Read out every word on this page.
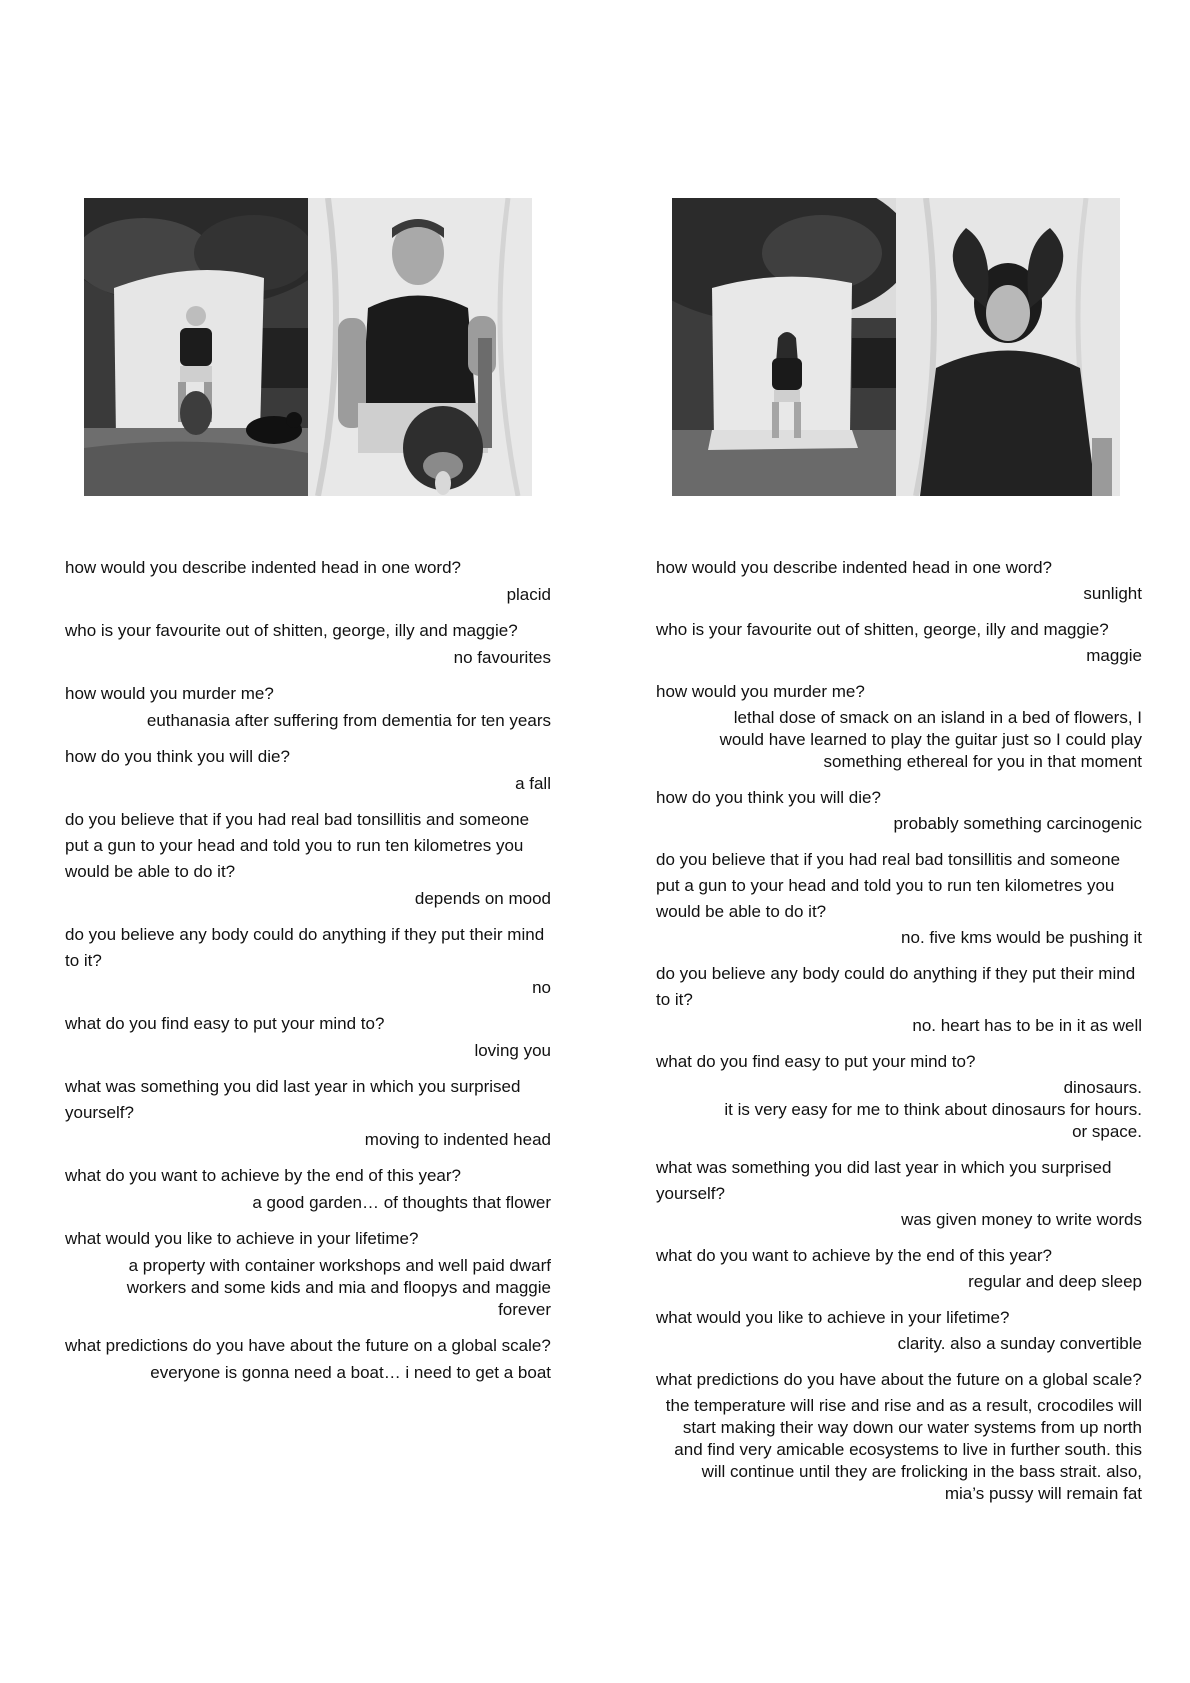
how would you describe indented head in one word?

placid

who is your favourite out of shitten, george, illy and maggie?

no favourites

how would you murder me?

euthanasia after suffering from dementia for ten years

how do you think you will die?

a fall

do you believe that if you had real bad tonsillitis and someone put a gun to your head and told you to run ten kilometres you would be able to do it?

depends on mood

do you believe any body could do anything if they put their mind to it?

no

what do you find easy to put your mind to?

loving you

what was something you did last year in which you surprised yourself?

moving to indented head

what do you want to achieve by the end of this year?

a good garden… of thoughts that flower

what would you like to achieve in your lifetime?

a property with container workshops and well paid dwarf workers and some kids and mia and floopys and maggie forever

what predictions do you have about the future on a global scale?

everyone is gonna need a boat… i need to get a boat

how would you describe indented head in one word?

sunlight

who is your favourite out of shitten, george, illy and maggie?

maggie

how would you murder me?

lethal dose of smack on an island in a bed of flowers, I would have learned to play the guitar just so I could play something ethereal for you in that moment

how do you think you will die?

probably something carcinogenic

do you believe that if you had real bad tonsillitis and someone put a gun to your head and told you to run ten kilometres you would be able to do it?

no. five kms would be pushing it

do you believe any body could do anything if they put their mind to it?

no. heart has to be in it as well

what do you find easy to put your mind to?

dinosaurs.
it is very easy for me to think about dinosaurs for hours.
or space.

what was something you did last year in which you surprised yourself?

was given money to write words

what do you want to achieve by the end of this year?

regular and deep sleep

what would you like to achieve in your lifetime?

clarity. also a sunday convertible

what predictions do you have about the future on a global scale?

the temperature will rise and rise and as a result, crocodiles will start making their way down our water systems from up north and find very amicable ecosystems to live in further south. this will continue until they are frolicking in the bass strait. also, mia’s pussy will remain fat
